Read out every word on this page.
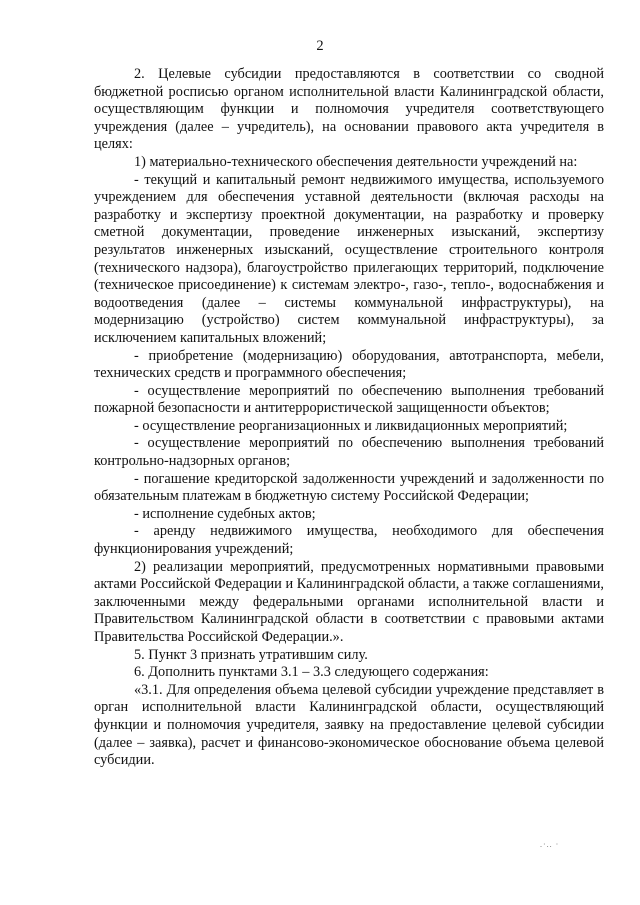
2

2. Целевые субсидии предоставляются в соответствии со сводной бюджетной росписью органом исполнительной власти Калининградской области, осуществляющим функции и полномочия учредителя соответствующего учреждения (далее – учредитель), на основании правового акта учредителя в целях:

1) материально-технического обеспечения деятельности учреждений на:

- текущий и капитальный ремонт недвижимого имущества, используемого учреждением для обеспечения уставной деятельности (включая расходы на разработку и экспертизу проектной документации, на разработку и проверку сметной документации, проведение инженерных изысканий, экспертизу результатов инженерных изысканий, осуществление строительного контроля (технического надзора), благоустройство прилегающих территорий, подключение (техническое присоединение) к системам электро-, газо-, тепло-, водоснабжения и водоотведения (далее – системы коммунальной инфраструктуры), на модернизацию (устройство) систем коммунальной инфраструктуры), за исключением капитальных вложений;

- приобретение (модернизацию) оборудования, автотранспорта, мебели, технических средств и программного обеспечения;

- осуществление мероприятий по обеспечению выполнения требований пожарной безопасности и антитеррористической защищенности объектов;

- осуществление реорганизационных и ликвидационных мероприятий;

- осуществление мероприятий по обеспечению выполнения требований контрольно-надзорных органов;

- погашение кредиторской задолженности учреждений и задолженности по обязательным платежам в бюджетную систему Российской Федерации;

- исполнение судебных актов;

- аренду недвижимого имущества, необходимого для обеспечения функционирования учреждений;

2) реализации мероприятий, предусмотренных нормативными правовыми актами Российской Федерации и Калининградской области, а также соглашениями, заключенными между федеральными органами исполнительной власти и Правительством Калининградской области в соответствии с правовыми актами Правительства Российской Федерации.».

5. Пункт 3 признать утратившим силу.

6. Дополнить пунктами 3.1 – 3.3 следующего содержания:

«3.1. Для определения объема целевой субсидии учреждение представляет в орган исполнительной власти Калининградской области, осуществляющий функции и полномочия учредителя, заявку на предоставление целевой субсидии (далее – заявка), расчет и финансово-экономическое обоснование объема целевой субсидии.

.·.. ·
